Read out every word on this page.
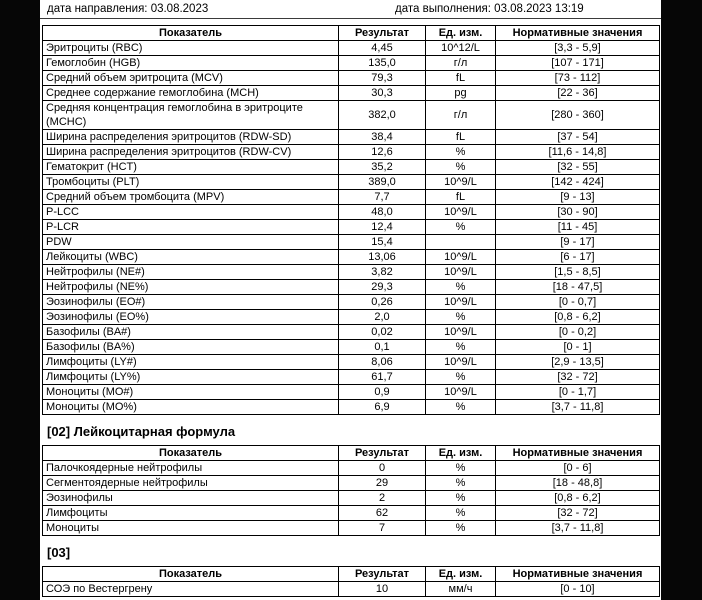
дата направления: 03.08.2023	дата выполнения: 03.08.2023 13:19
Показатель	Результат	Ед. изм.	Нормативные значения
Эритроциты (RBC)	4,45	10^12/L	[3,3 - 5,9]
Гемоглобин (HGB)	135,0	г/л	[107 - 171]
Средний объем эритроцита (MCV)	79,3	fL	[73 - 112]
Среднее содержание гемоглобина (MCH)	30,3	pg	[22 - 36]
Средняя концентрация гемоглобина в эритроците (MCHC)	382,0	г/л	[280 - 360]
Ширина распределения эритроцитов (RDW-SD)	38,4	fL	[37 - 54]
Ширина распределения эритроцитов (RDW-CV)	12,6	%	[11,6 - 14,8]
Гематокрит (HCT)	35,2	%	[32 - 55]
Тромбоциты (PLT)	389,0	10^9/L	[142 - 424]
Средний объем тромбоцита (MPV)	7,7	fL	[9 - 13]
P-LCC	48,0	10^9/L	[30 - 90]
P-LCR	12,4	%	[11 - 45]
PDW	15,4		[9 - 17]
Лейкоциты (WBC)	13,06	10^9/L	[6 - 17]
Нейтрофилы (NE#)	3,82	10^9/L	[1,5 - 8,5]
Нейтрофилы (NE%)	29,3	%	[18 - 47,5]
Эозинофилы (EO#)	0,26	10^9/L	[0 - 0,7]
Эозинофилы (EO%)	2,0	%	[0,8 - 6,2]
Базофилы (BA#)	0,02	10^9/L	[0 - 0,2]
Базофилы (BA%)	0,1	%	[0 - 1]
Лимфоциты (LY#)	8,06	10^9/L	[2,9 - 13,5]
Лимфоциты (LY%)	61,7	%	[32 - 72]
Моноциты (MO#)	0,9	10^9/L	[0 - 1,7]
Моноциты (MO%)	6,9	%	[3,7 - 11,8]
[02] Лейкоцитарная формула
Показатель	Результат	Ед. изм.	Нормативные значения
Палочкоядерные нейтрофилы	0	%	[0 - 6]
Сегментоядерные нейтрофилы	29	%	[18 - 48,8]
Эозинофилы	2	%	[0,8 - 6,2]
Лимфоциты	62	%	[32 - 72]
Моноциты	7	%	[3,7 - 11,8]
[03]
Показатель	Результат	Ед. изм.	Нормативные значения
СОЭ по Вестергрену	10	мм/ч	[0 - 10]
